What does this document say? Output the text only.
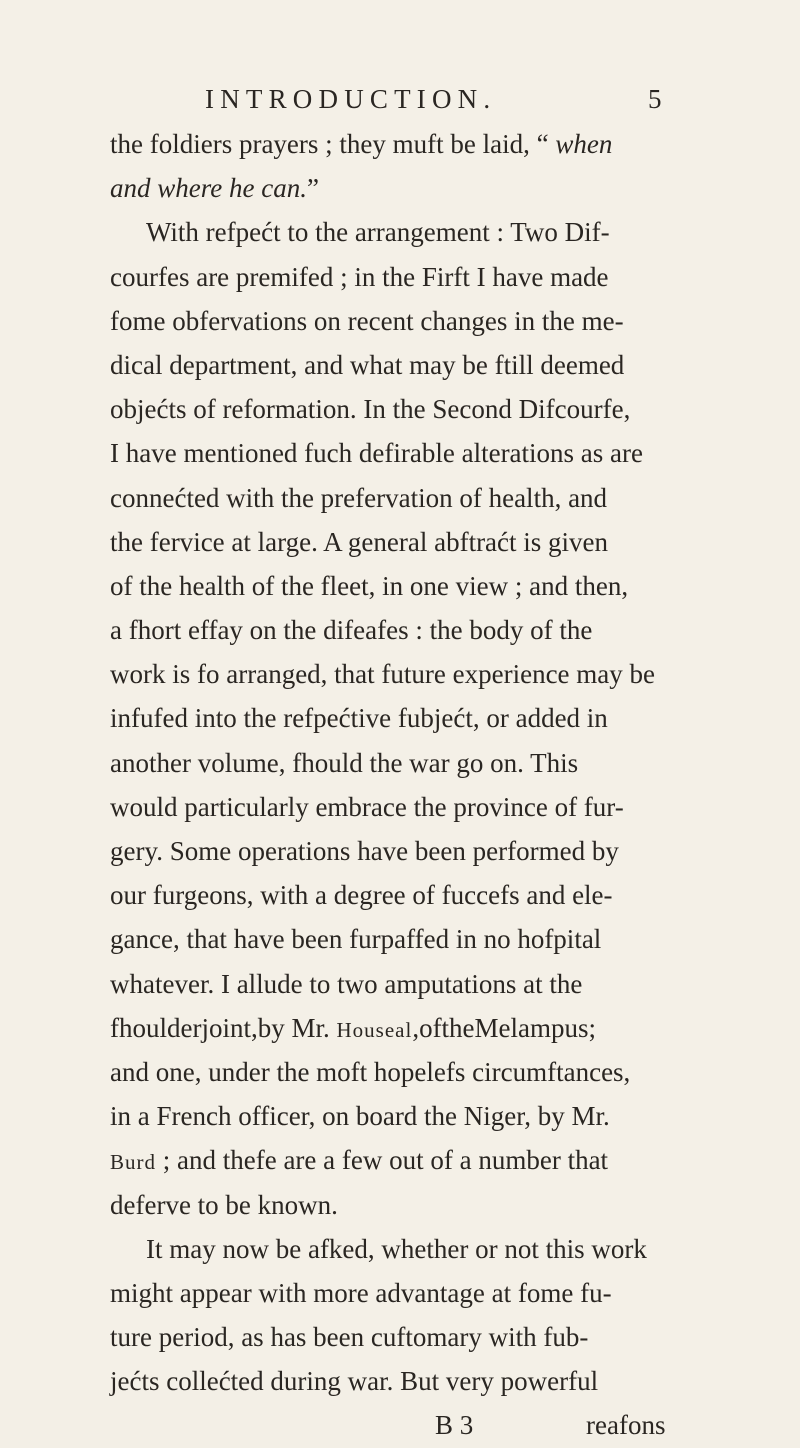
INTRODUCTION.	5
the foldiers prayers ; they muft be laid, “ when
and where he can.”
With refpećt to the arrangement : Two Dif-
courfes are premifed ; in the Firft I have made
fome obfervations on recent changes in the me-
dical department, and what may be ftill deemed
objećts of reformation. In the Second Difcourfe,
I have mentioned fuch defirable alterations as are
connećted with the prefervation of health, and
the fervice at large. A general abftraćt is given
of the health of the fleet, in one view ; and then,
a fhort effay on the difeafes : the body of the
work is fo arranged, that future experience may be
infufed into the refpećtive fubjećt, or added in
another volume, fhould the war go on. This
would particularly embrace the province of fur-
gery. Some operations have been performed by
our furgeons, with a degree of fuccefs and ele-
gance, that have been furpaffed in no hofpital
whatever. I allude to two amputations at the
fhoulderjoint,by Mr. Houseal,oftheMelampus;
and one, under the moft hopelefs circumftances,
in a French officer, on board the Niger, by Mr.
Burd ; and thefe are a few out of a number that
deferve to be known.
It may now be afked, whether or not this work
might appear with more advantage at fome fu-
ture period, as has been cuftomary with fub-
jećts collećted during war. But very powerful
B 3	reafons
